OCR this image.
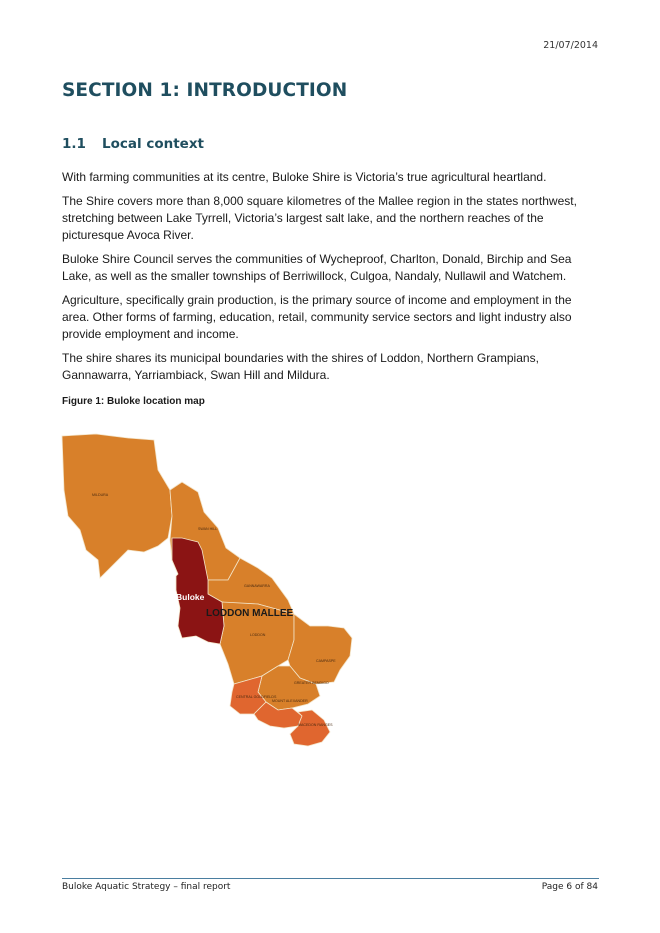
21/07/2014
SECTION 1: INTRODUCTION
1.1 Local context

With farming communities at its centre, Buloke Shire is Victoria’s true agricultural heartland.

The Shire covers more than 8,000 square kilometres of the Mallee region in the states northwest, stretching between Lake Tyrrell, Victoria’s largest salt lake, and the northern reaches of the picturesque Avoca River.

Buloke Shire Council serves the communities of Wycheproof, Charlton, Donald, Birchip and Sea Lake, as well as the smaller townships of Berriwillock, Culgoa, Nandaly, Nullawil and Watchem.

Agriculture, specifically grain production, is the primary source of income and employment in the area. Other forms of farming, education, retail, community service sectors and light industry also provide employment and income.

The shire shares its municipal boundaries with the shires of Loddon, Northern Grampians, Gannawarra, Yarriambiack, Swan Hill and Mildura.

Figure 1: Buloke location map
MILDURA
SWAN HILL
GANNAWARRA
LODDON
CAMPASPE
GREATER BENDIGO
CENTRAL GOLDFIELDS
MOUNT ALEXANDER
MACEDON RANGES
Buloke
LODDON MALLEE
Buloke Aquatic Strategy – final report	Page 6 of 84
